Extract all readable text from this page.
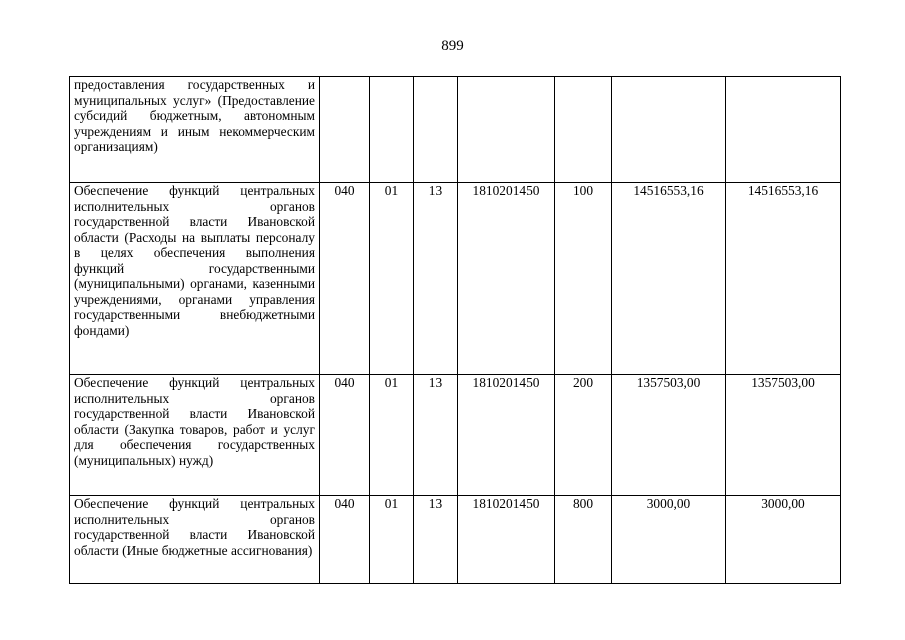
899
предоставления государственных и муниципальных услуг» (Предоставление субсидий бюджетным, автономным учреждениям и иным некоммерческим организациям)							
Обеспечение функций центральных исполнительных органов государственной власти Ивановской области (Расходы на выплаты персоналу в целях обеспечения выполнения функций государственными (муниципальными) органами, казенными учреждениями, органами управления государственными внебюджетными фондами)	040	01	13	1810201450	100	14516553,16	14516553,16
Обеспечение функций центральных исполнительных органов государственной власти Ивановской области (Закупка товаров, работ и услуг для обеспечения государственных (муниципальных) нужд)	040	01	13	1810201450	200	1357503,00	1357503,00
Обеспечение функций центральных исполнительных органов государственной власти Ивановской области (Иные бюджетные ассигнования)	040	01	13	1810201450	800	3000,00	3000,00
